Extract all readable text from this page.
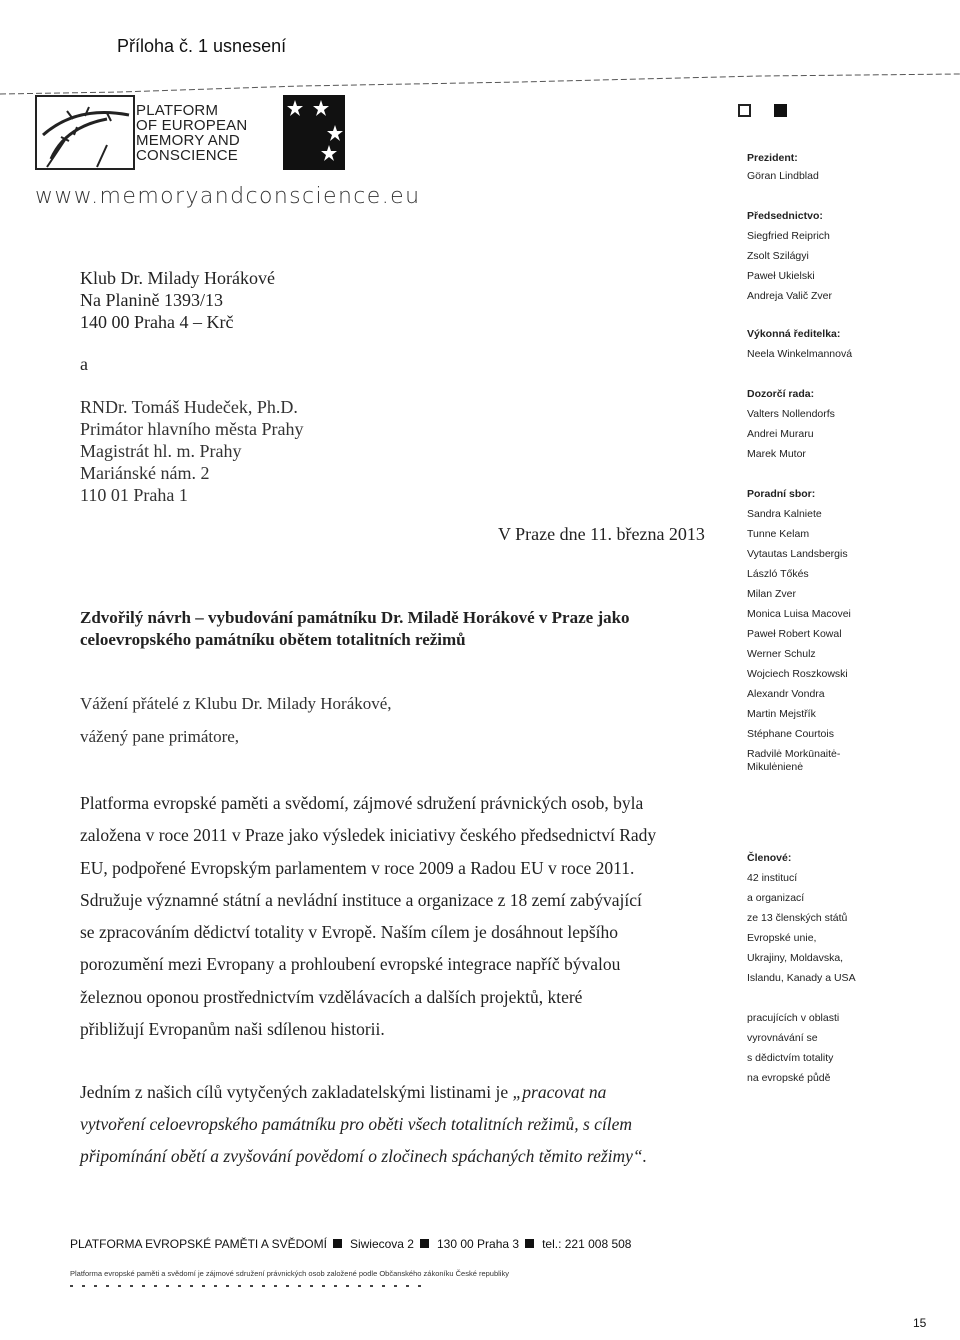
Příloha č. 1 usnesení
PLATFORM
OF EUROPEAN
MEMORY AND
CONSCIENCE
www.memoryandconscience.eu
Klub Dr. Milady Horákové
Na Planině 1393/13
140 00 Praha 4 – Krč
a
RNDr. Tomáš Hudeček, Ph.D.
Primátor hlavního města Prahy
Magistrát hl. m. Prahy
Mariánské nám. 2
110 01 Praha 1
V Praze dne 11. března 2013
Zdvořilý návrh – vybudování památníku Dr. Miladě Horákové v Praze jako
celoevropského památníku obětem totalitních režimů
Vážení přátelé z Klubu Dr. Milady Horákové,
vážený pane primátore,
Platforma evropské paměti a svědomí, zájmové sdružení právnických osob, byla
založena v roce 2011 v Praze jako výsledek iniciativy českého předsednictví Rady
EU, podpořené Evropským parlamentem v roce 2009 a Radou EU v roce 2011.
Sdružuje významné státní a nevládní instituce a organizace z 18 zemí zabývající
se zpracováním dědictví totality v Evropě. Naším cílem je dosáhnout lepšího
porozumění mezi Evropany a prohloubení evropské integrace napříč bývalou
železnou oponou prostřednictvím vzdělávacích a dalších projektů, které
přibližují Evropanům naši sdílenou historii.
Jedním z našich cílů vytyčených zakladatelskými listinami je „pracovat na
vytvoření celoevropského památníku pro oběti všech totalitních režimů, s cílem
připomínání obětí a zvyšování povědomí o zločinech spáchaných těmito režimy“.
Prezident:
Göran Lindblad
Předsednictvo:
Siegfried Reiprich
Zsolt Szilágyi
Paweł Ukielski
Andreja Valič Zver
Výkonná ředitelka:
Neela Winkelmannová
Dozorčí rada:
Valters Nollendorfs
Andrei Muraru
Marek Mutor
Poradní sbor:
Sandra Kalniete
Tunne Kelam
Vytautas Landsbergis
László Tőkés
Milan Zver
Monica Luisa Macovei
Paweł Robert Kowal
Werner Schulz
Wojciech Roszkowski
Alexandr Vondra
Martin Mejstřík
Stéphane Courtois
Radvilė Morkūnaitė-
Mikulėnienė
Členové:
42 institucí
a organizací
ze 13 členských států
Evropské unie,
Ukrajiny, Moldavska,
Islandu, Kanady a USA
pracujících v oblasti
vyrovnávání se
s dědictvím totality
na evropské půdě
PLATFORMA EVROPSKÉ PAMĚTI A SVĚDOMÍ Siwiecova 2 130 00 Praha 3 tel.: 221 008 508
Platforma evropské paměti a svědomí je zájmové sdružení právnických osob založené podle Občanského zákoníku České republiky
15
